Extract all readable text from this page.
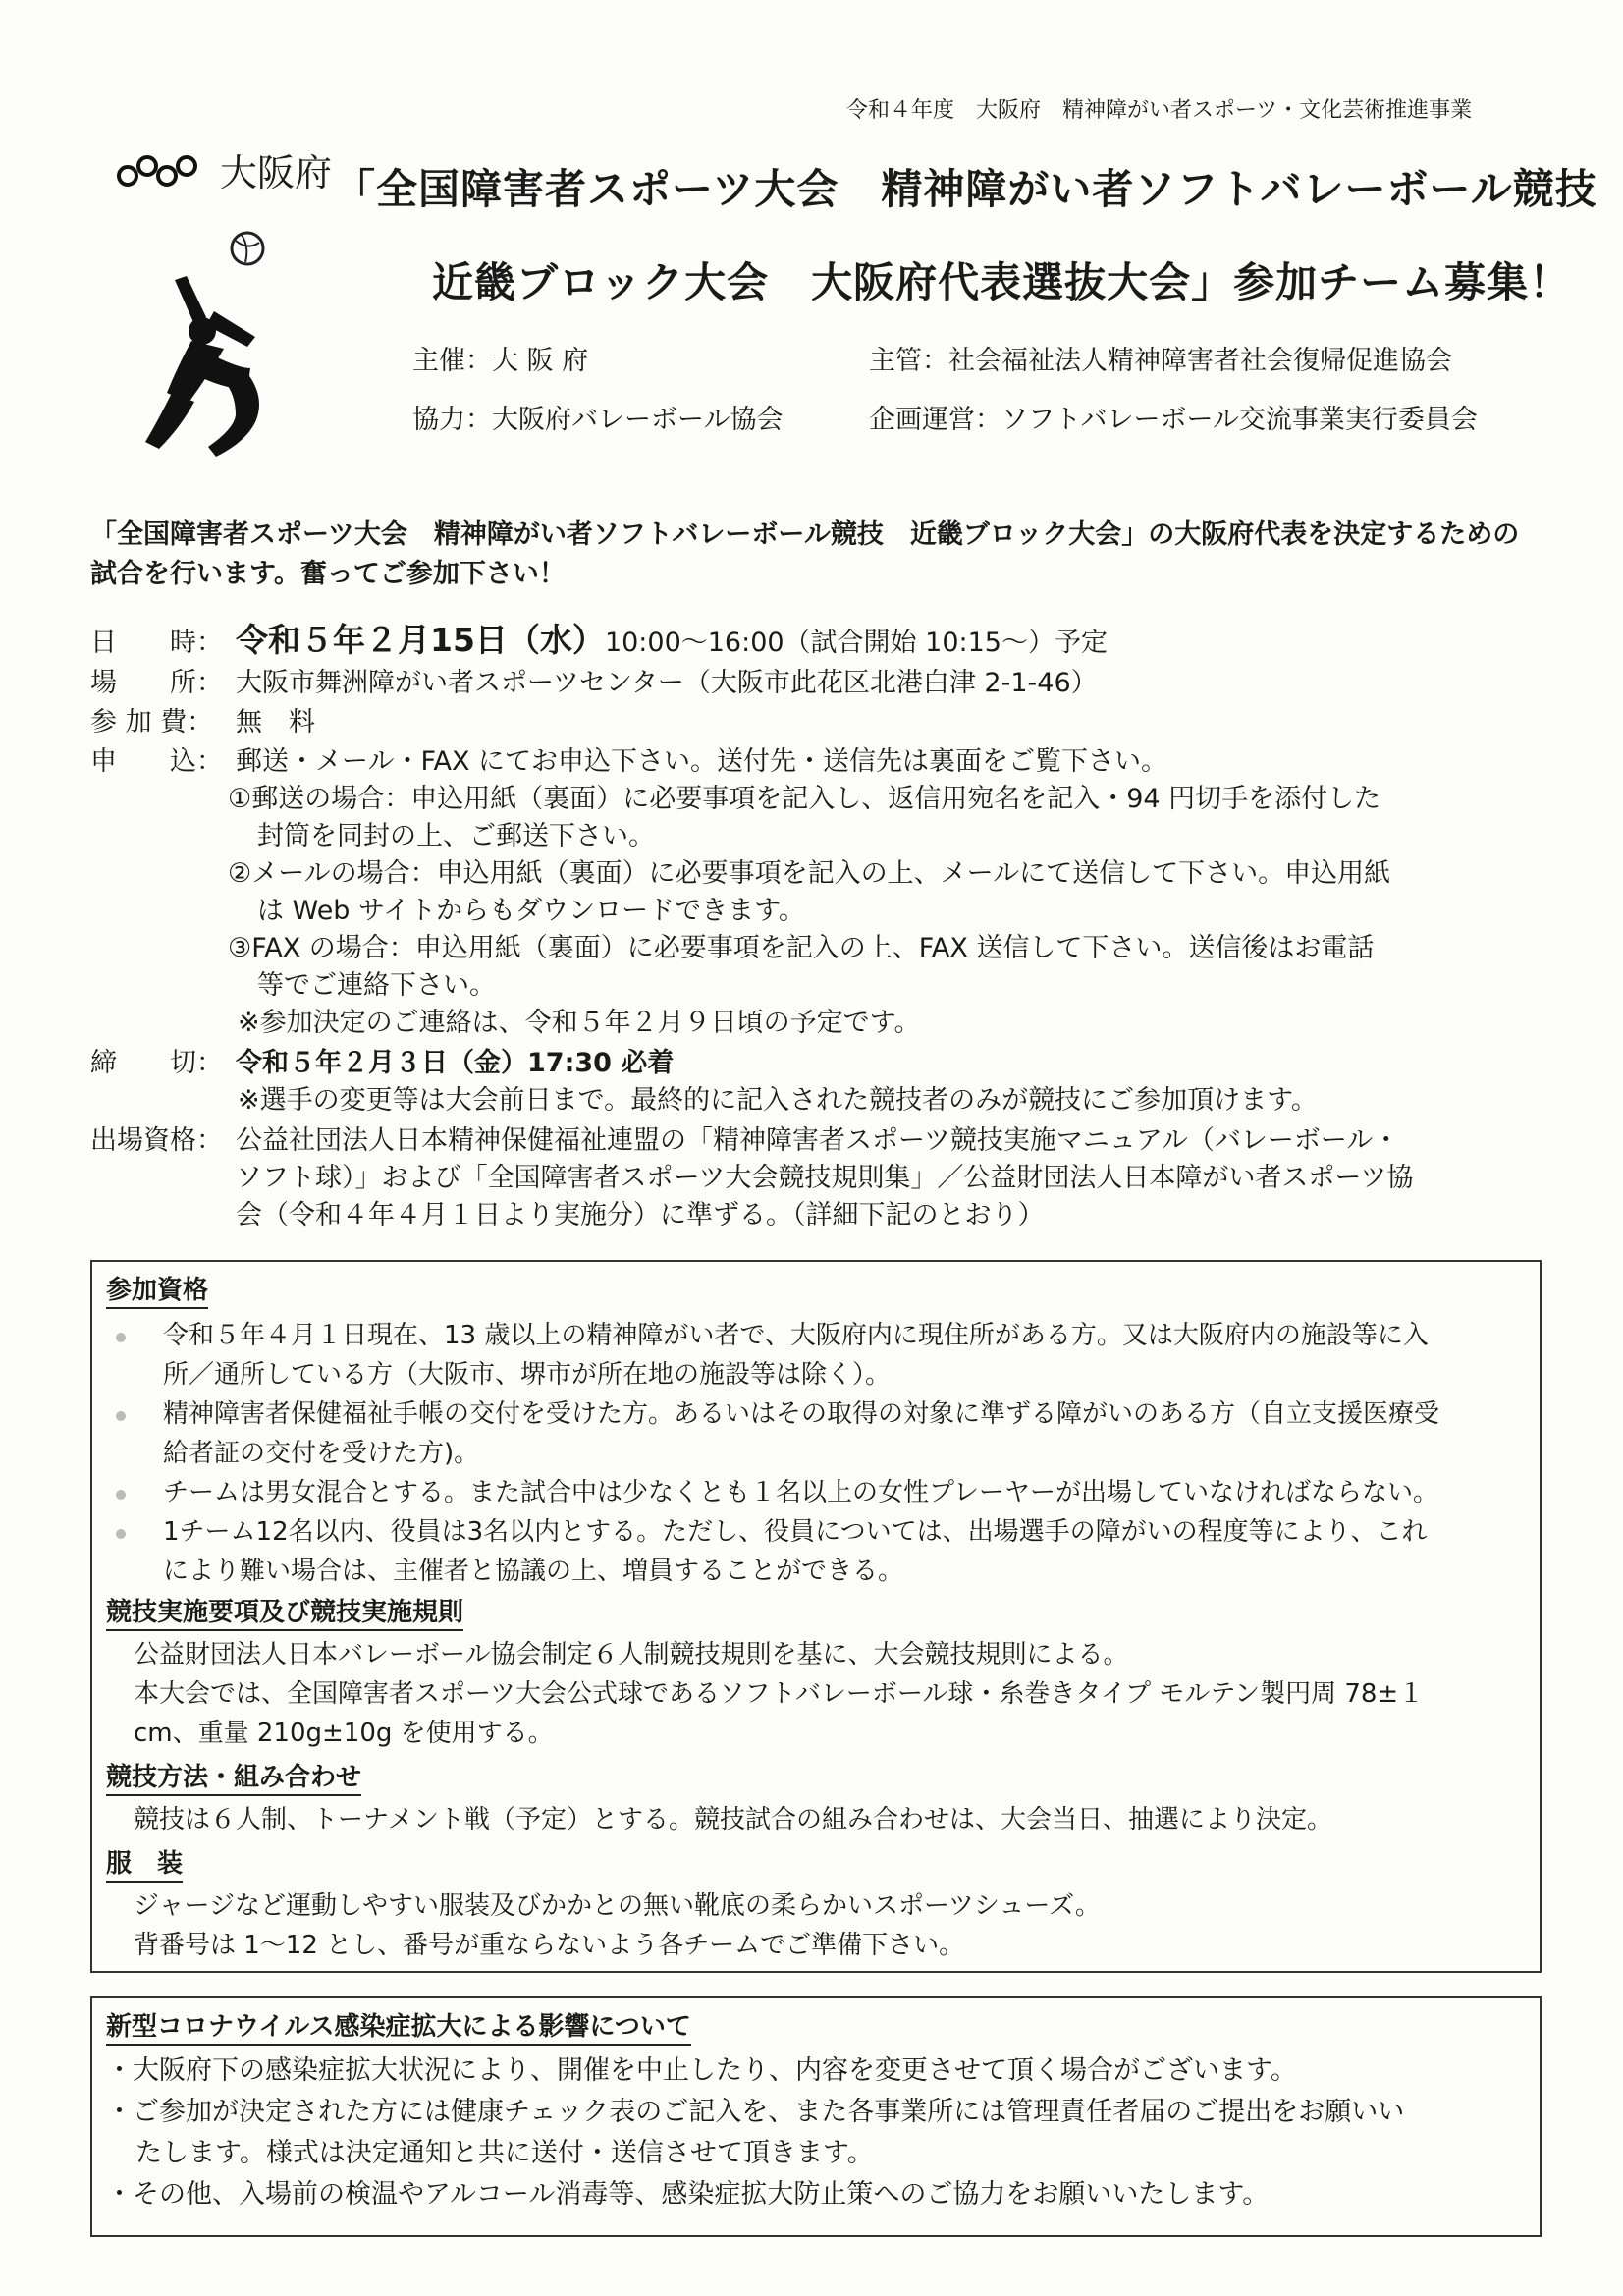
令和４年度　大阪府　精神障がい者スポーツ・文化芸術推進事業
大阪府 「全国障害者スポーツ大会　精神障がい者ソフトバレーボール競技
近畿ブロック大会　大阪府代表選抜大会」参加チーム募集！
主催：大 阪 府	主管：社会福祉法人精神障害者社会復帰促進協会
協力：大阪府バレーボール協会	企画運営：ソフトバレーボール交流事業実行委員会
「全国障害者スポーツ大会　精神障がい者ソフトバレーボール競技　近畿ブロック大会」の大阪府代表を決定するための試合を行います。奮ってご参加下さい！
日　　時： 令和５年２月15日（水）10:00〜16:00（試合開始 10:15〜）予定
場　　所： 大阪市舞洲障がい者スポーツセンター（大阪市此花区北港白津 2-1-46）
参 加 費： 無　料
申　　込： 郵送・メール・FAX にてお申込下さい。送付先・送信先は裏面をご覧下さい。
①郵送の場合：申込用紙（裏面）に必要事項を記入し、返信用宛名を記入・94 円切手を添付した
封筒を同封の上、ご郵送下さい。
②メールの場合：申込用紙（裏面）に必要事項を記入の上、メールにて送信して下さい。申込用紙
は Web サイトからもダウンロードできます。
③FAX の場合：申込用紙（裏面）に必要事項を記入の上、FAX 送信して下さい。送信後はお電話
等でご連絡下さい。
※参加決定のご連絡は、令和５年２月９日頃の予定です。
締　　切： 令和５年２月３日（金）17:30 必着
※選手の変更等は大会前日まで。最終的に記入された競技者のみが競技にご参加頂けます。
出場資格： 公益社団法人日本精神保健福祉連盟の「精神障害者スポーツ競技実施マニュアル（バレーボール・
ソフト球）」および「全国障害者スポーツ大会競技規則集」／公益財団法人日本障がい者スポーツ協
会（令和４年４月１日より実施分）に準ずる。（詳細下記のとおり）
参加資格
令和５年４月１日現在、13 歳以上の精神障がい者で、大阪府内に現住所がある方。又は大阪府内の施設等に入
所／通所している方（大阪市、堺市が所在地の施設等は除く）。
精神障害者保健福祉手帳の交付を受けた方。あるいはその取得の対象に準ずる障がいのある方（自立支援医療受
給者証の交付を受けた方)。
チームは男女混合とする。また試合中は少なくとも１名以上の女性プレーヤーが出場していなければならない。
1チーム12名以内、役員は3名以内とする。ただし、役員については、出場選手の障がいの程度等により、これ
により難い場合は、主催者と協議の上、増員することができる。
競技実施要項及び競技実施規則
公益財団法人日本バレーボール協会制定６人制競技規則を基に、大会競技規則による。
本大会では、全国障害者スポーツ大会公式球であるソフトバレーボール球・糸巻きタイプ モルテン製円周 78±１
cm、重量 210g±10g を使用する。
競技方法・組み合わせ
競技は６人制、トーナメント戦（予定）とする。競技試合の組み合わせは、大会当日、抽選により決定。
服　装
ジャージなど運動しやすい服装及びかかとの無い靴底の柔らかいスポーツシューズ。
背番号は 1〜12 とし、番号が重ならないよう各チームでご準備下さい。
新型コロナウイルス感染症拡大による影響について
・大阪府下の感染症拡大状況により、開催を中止したり、内容を変更させて頂く場合がございます。
・ご参加が決定された方には健康チェック表のご記入を、また各事業所には管理責任者届のご提出をお願いい
たします。様式は決定通知と共に送付・送信させて頂きます。
・その他、入場前の検温やアルコール消毒等、感染症拡大防止策へのご協力をお願いいたします。
